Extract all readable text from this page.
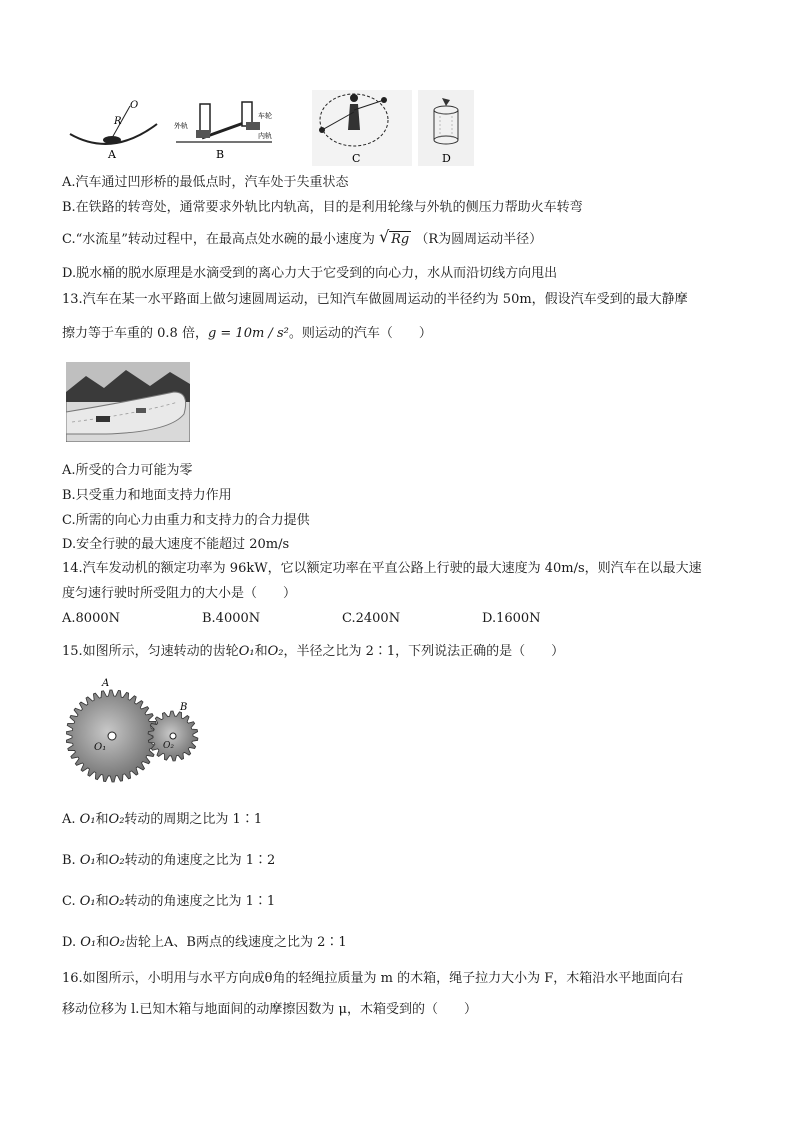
R
O
A
外轨
车轮
内轨
B	C	D
A.汽车通过凹形桥的最低点时，汽车处于失重状态
B.在铁路的转弯处，通常要求外轨比内轨高，目的是利用轮缘与外轨的侧压力帮助火车转弯
C.“水流星”转动过程中，在最高点处水碗的最小速度为 √ Rg （R为圆周运动半径）
D.脱水桶的脱水原理是水滴受到的离心力大于它受到的向心力，水从而沿切线方向甩出
13.汽车在某一水平路面上做匀速圆周运动，已知汽车做圆周运动的半径约为 50m，假设汽车受到的最大静摩
擦力等于车重的 0.8 倍，g = 10m / s²。则运动的汽车（　　）
A.所受的合力可能为零
B.只受重力和地面支持力作用
C.所需的向心力由重力和支持力的合力提供
D.安全行驶的最大速度不能超过 20m/s
14.汽车发动机的额定功率为 96kW，它以额定功率在平直公路上行驶的最大速度为 40m/s，则汽车在以最大速
度匀速行驶时所受阻力的大小是（　　）
A.8000N	B.4000N	C.2400N	D.1600N
15.如图所示，匀速转动的齿轮O₁和O₂，半径之比为 2∶1，下列说法正确的是（　　）
A
B
O₁	O₂
A. O₁和O₂转动的周期之比为 1∶1
B. O₁和O₂转动的角速度之比为 1∶2
C. O₁和O₂转动的角速度之比为 1∶1
D. O₁和O₂齿轮上A、B两点的线速度之比为 2∶1
16.如图所示，小明用与水平方向成θ角的轻绳拉质量为 m 的木箱，绳子拉力大小为 F，木箱沿水平地面向右
移动位移为 l.已知木箱与地面间的动摩擦因数为 μ，木箱受到的（　　）
